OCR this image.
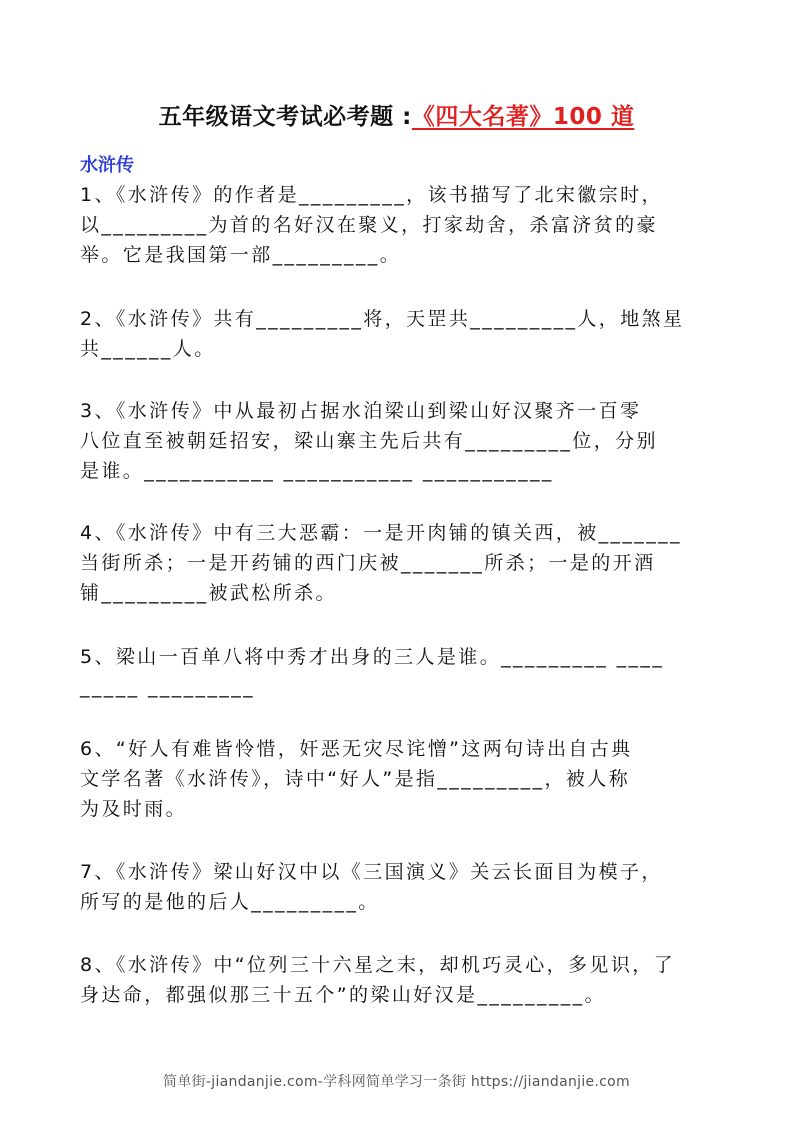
五年级语文考试必考题 :《四大名著》100 道
水浒传
1、《水浒传》的作者是_________，该书描写了北宋徽宗时，
以_________为首的名好汉在聚义，打家劫舍，杀富济贫的豪
举。它是我国第一部_________。
2、《水浒传》共有_________将，天罡共_________人，地煞星
共______人。
3、《水浒传》中从最初占据水泊梁山到梁山好汉聚齐一百零
八位直至被朝廷招安，梁山寨主先后共有_________位，分别
是谁。___________ ___________ ___________
4、《水浒传》中有三大恶霸：一是开肉铺的镇关西，被_______
当街所杀；一是开药铺的西门庆被_______所杀；一是的开酒
铺_________被武松所杀。
5、梁山一百单八将中秀才出身的三人是谁。_________ ____
_____ _________
6、“好人有难皆怜惜，奸恶无灾尽诧憎”这两句诗出自古典
文学名著《水浒传》，诗中“好人”是指_________，被人称
为及时雨。
7、《水浒传》梁山好汉中以《三国演义》关云长面目为模子，
所写的是他的后人_________。
8、《水浒传》中“位列三十六星之末，却机巧灵心，多见识，了
身达命，都强似那三十五个”的梁山好汉是_________。
简单街-jiandanjie.com-学科网简单学习一条街 https://jiandanjie.com
